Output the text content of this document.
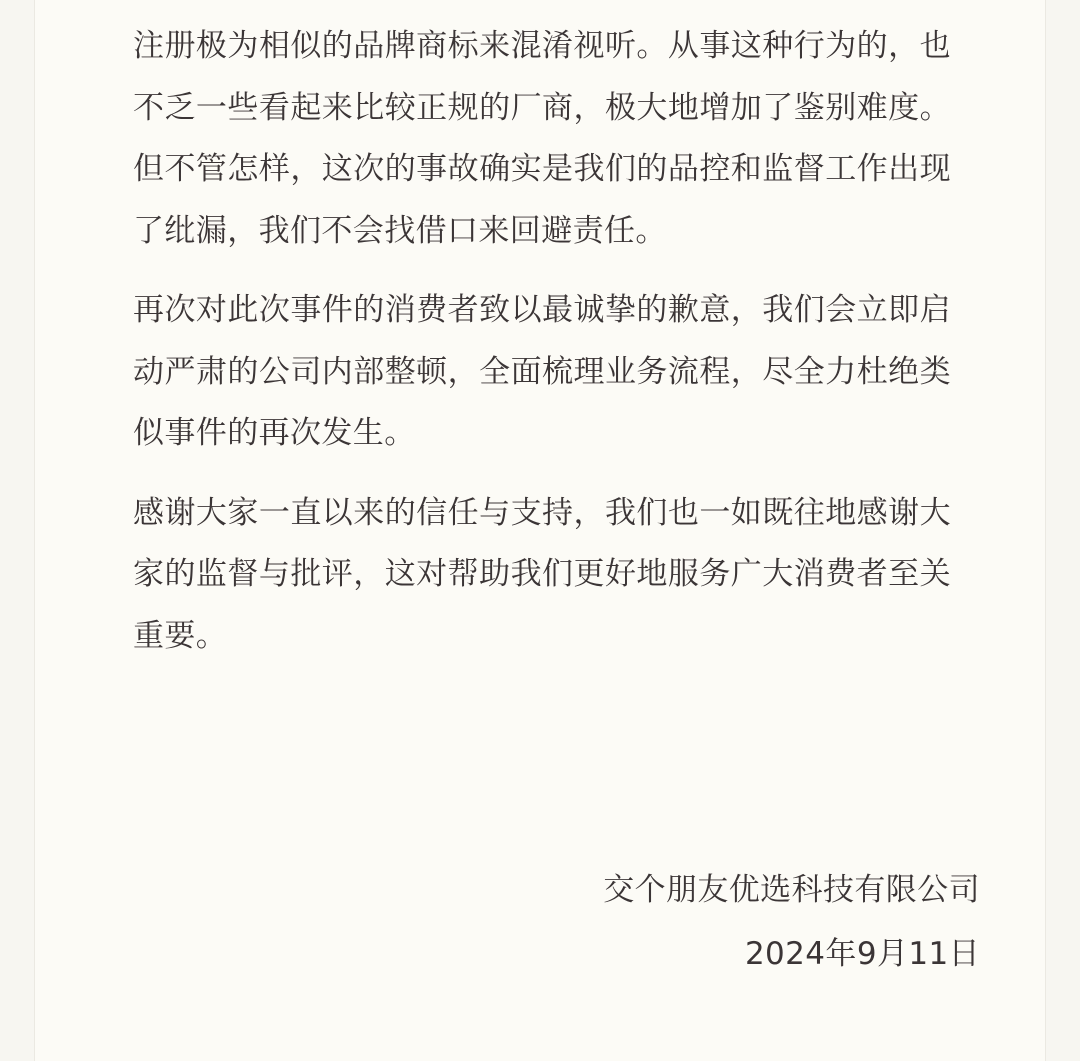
注册极为相似的品牌商标来混淆视听。从事这种行为的，也不乏一些看起来比较正规的厂商，极大地增加了鉴别难度。但不管怎样，这次的事故确实是我们的品控和监督工作出现了纰漏，我们不会找借口来回避责任。

再次对此次事件的消费者致以最诚挚的歉意，我们会立即启动严肃的公司内部整顿，全面梳理业务流程，尽全力杜绝类似事件的再次发生。

感谢大家一直以来的信任与支持，我们也一如既往地感谢大家的监督与批评，这对帮助我们更好地服务广大消费者至关重要。

交个朋友优选科技有限公司
2024年9月11日
